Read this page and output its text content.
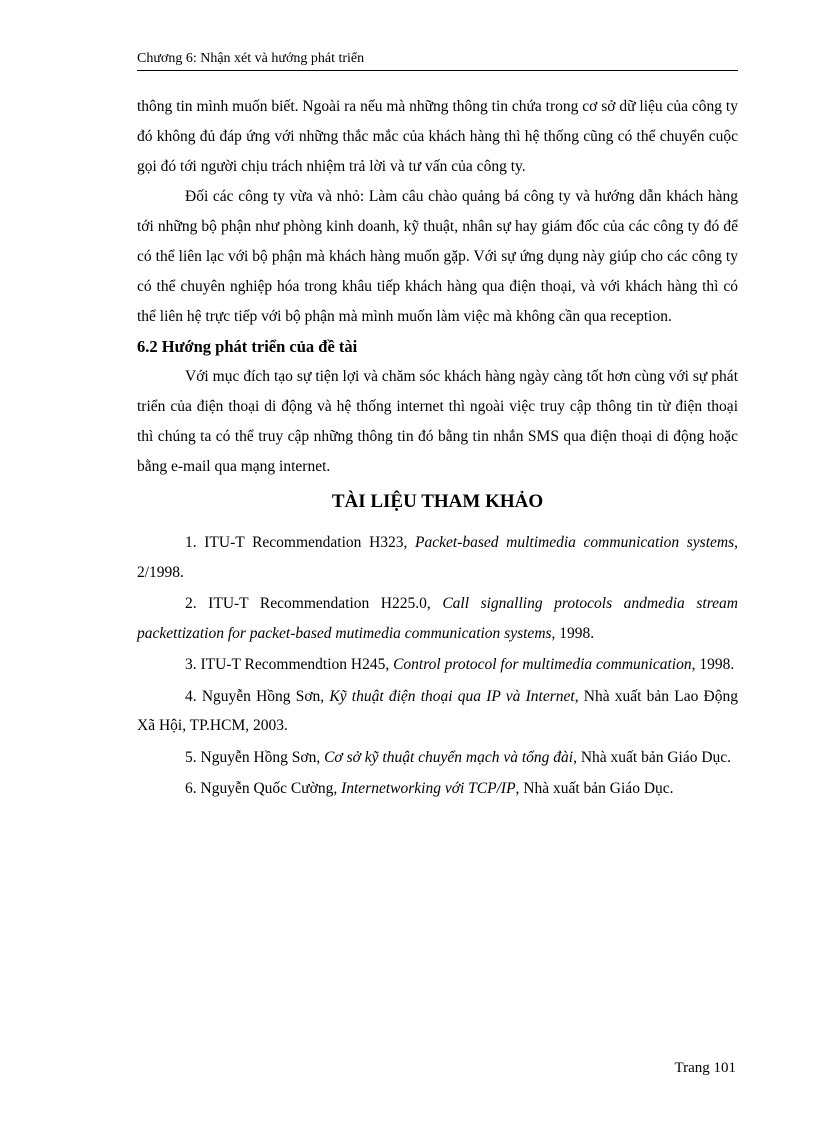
Chương 6: Nhận xét và hướng phát triển

thông tin mình muốn biết. Ngoài ra nếu mà những thông tin chứa trong cơ sở dữ liệu của công ty đó không đủ đáp ứng với những thắc mắc của khách hàng thì hệ thống cũng có thể chuyển cuộc gọi đó tới người chịu trách nhiệm trả lời và tư vấn của công ty.

Đối các công ty vừa và nhỏ: Làm câu chào quảng bá công ty và hướng dẫn khách hàng tới những bộ phận như phòng kinh doanh, kỹ thuật, nhân sự hay giám đốc của các công ty đó để có thể liên lạc với bộ phận mà khách hàng muốn gặp. Với sự ứng dụng này giúp cho các công ty có thể chuyên nghiệp hóa trong khâu tiếp khách hàng qua điện thoại, và với khách hàng thì có thể liên hệ trực tiếp với bộ phận mà mình muốn làm việc mà không cần qua reception.

6.2 Hướng phát triển của đề tài

Với mục đích tạo sự tiện lợi và chăm sóc khách hàng ngày càng tốt hơn cùng với sự phát triển của điện thoại di động và hệ thống internet thì ngoài việc truy cập thông tin từ điện thoại thì chúng ta có thể truy cập những thông tin đó bằng tin nhắn SMS qua điện thoại di động hoặc bằng e-mail qua mạng internet.

TÀI LIỆU THAM KHẢO

1. ITU-T Recommendation H323, Packet-based multimedia communication systems, 2/1998.

2. ITU-T Recommendation H225.0, Call signalling protocols andmedia stream packettization for packet-based mutimedia communication systems, 1998.

3. ITU-T Recommendtion H245, Control protocol for multimedia communication, 1998.

4. Nguyễn Hồng Sơn, Kỹ thuật điện thoại qua IP và Internet, Nhà xuất bản Lao Động Xã Hội, TP.HCM, 2003.

5. Nguyễn Hồng Sơn, Cơ sở kỹ thuật chuyển mạch và tổng đài, Nhà xuất bản Giáo Dục.

6. Nguyễn Quốc Cường, Internetworking với TCP/IP, Nhà xuất bản Giáo Dục.

Trang 101
